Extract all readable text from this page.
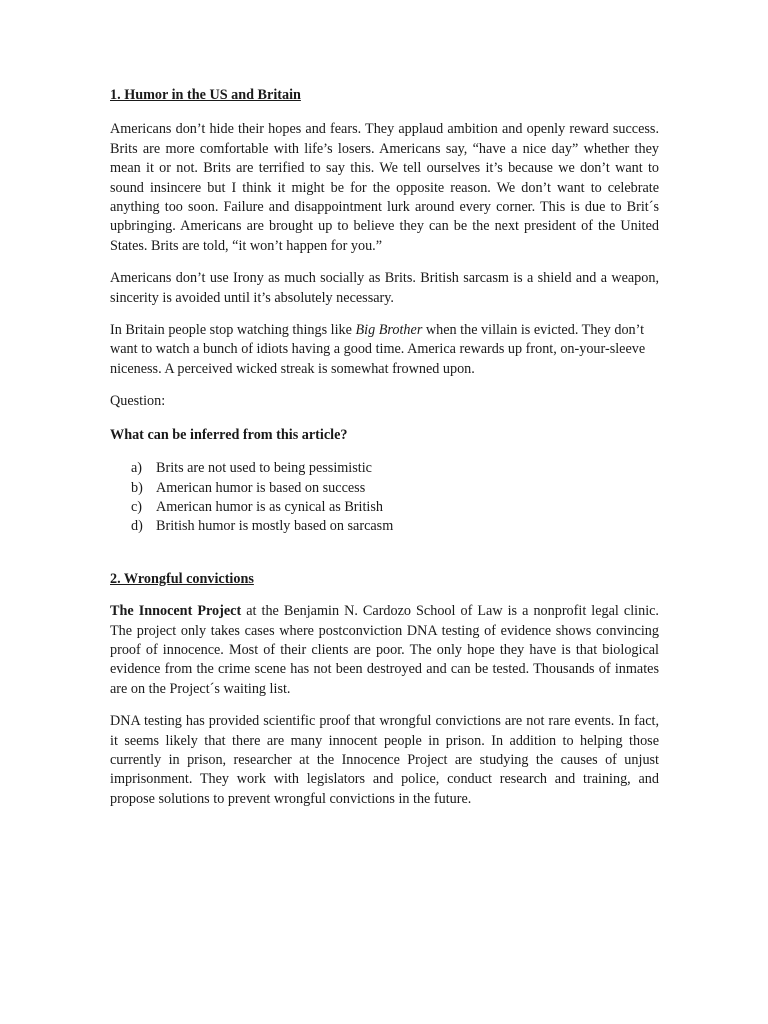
1. Humor in the US and Britain

Americans don’t hide their hopes and fears. They applaud ambition and openly reward success. Brits are more comfortable with life’s losers. Americans say, “have a nice day” whether they mean it or not. Brits are terrified to say this. We tell ourselves it’s because we don’t want to sound insincere but I think it might be for the opposite reason. We don’t want to celebrate anything too soon. Failure and disappointment lurk around every corner. This is due to Brit´s upbringing. Americans are brought up to believe they can be the next president of the United States. Brits are told, “it won’t happen for you.”

Americans don’t use Irony as much socially as Brits. British sarcasm is a shield and a weapon, sincerity is avoided until it’s absolutely necessary.

In Britain people stop watching things like Big Brother when the villain is evicted. They don’t want to watch a bunch of idiots having a good time. America rewards up front, on-your-sleeve niceness. A perceived wicked streak is somewhat frowned upon.

Question:

What can be inferred from this article?

a) Brits are not used to being pessimistic
b) American humor is based on success
c) American humor is as cynical as British
d) British humor is mostly based on sarcasm

2. Wrongful convictions

The Innocent Project at the Benjamin N. Cardozo School of Law is a nonprofit legal clinic. The project only takes cases where postconviction DNA testing of evidence shows convincing proof of innocence. Most of their clients are poor. The only hope they have is that biological evidence from the crime scene has not been destroyed and can be tested. Thousands of inmates are on the Project´s waiting list.

DNA testing has provided scientific proof that wrongful convictions are not rare events. In fact, it seems likely that there are many innocent people in prison. In addition to helping those currently in prison, researcher at the Innocence Project are studying the causes of unjust imprisonment. They work with legislators and police, conduct research and training, and propose solutions to prevent wrongful convictions in the future.
